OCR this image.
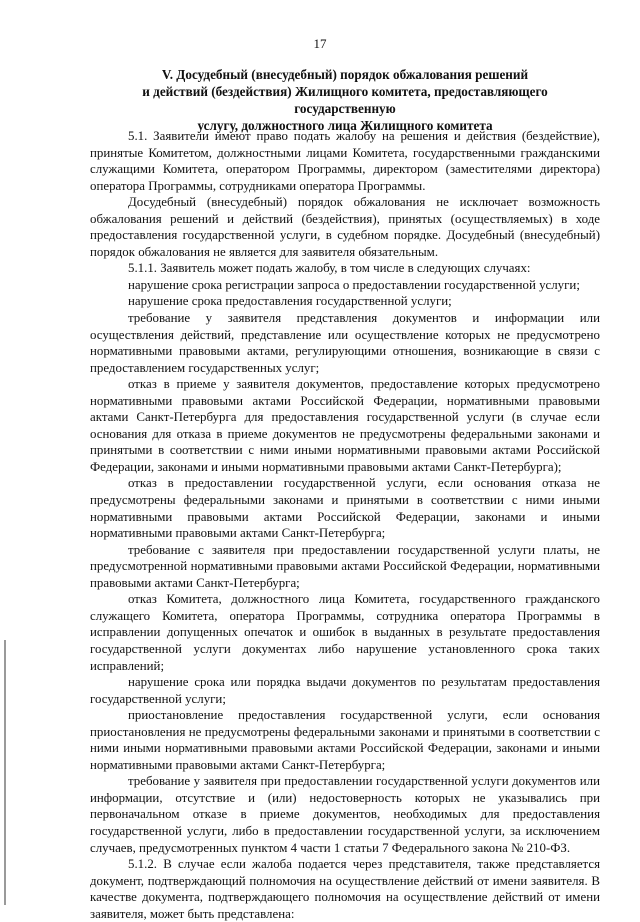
17
V. Досудебный (внесудебный) порядок обжалования решений
и действий (бездействия) Жилищного комитета, предоставляющего государственную
услугу, должностного лица Жилищного комитета

5.1. Заявители имеют право подать жалобу на решения и действия (бездействие), принятые Комитетом, должностными лицами Комитета, государственными гражданскими служащими Комитета, оператором Программы, директором (заместителями директора) оператора Программы, сотрудниками оператора Программы.

Досудебный (внесудебный) порядок обжалования не исключает возможность обжалования решений и действий (бездействия), принятых (осуществляемых) в ходе предоставления государственной услуги, в судебном порядке. Досудебный (внесудебный) порядок обжалования не является для заявителя обязательным.

5.1.1. Заявитель может подать жалобу, в том числе в следующих случаях:

нарушение срока регистрации запроса о предоставлении государственной услуги;

нарушение срока предоставления государственной услуги;

требование у заявителя представления документов и информации или осуществления действий, представление или осуществление которых не предусмотрено нормативными правовыми актами, регулирующими отношения, возникающие в связи с предоставлением государственных услуг;

отказ в приеме у заявителя документов, предоставление которых предусмотрено нормативными правовыми актами Российской Федерации, нормативными правовыми актами Санкт-Петербурга для предоставления государственной услуги (в случае если основания для отказа в приеме документов не предусмотрены федеральными законами и принятыми в соответствии с ними иными нормативными правовыми актами Российской Федерации, законами и иными нормативными правовыми актами Санкт-Петербурга);

отказ в предоставлении государственной услуги, если основания отказа не предусмотрены федеральными законами и принятыми в соответствии с ними иными нормативными правовыми актами Российской Федерации, законами и иными нормативными правовыми актами Санкт-Петербурга;

требование с заявителя при предоставлении государственной услуги платы, не предусмотренной нормативными правовыми актами Российской Федерации, нормативными правовыми актами Санкт-Петербурга;

отказ Комитета, должностного лица Комитета, государственного гражданского служащего Комитета, оператора Программы, сотрудника оператора Программы в исправлении допущенных опечаток и ошибок в выданных в результате предоставления государственной услуги документах либо нарушение установленного срока таких исправлений;

нарушение срока или порядка выдачи документов по результатам предоставления государственной услуги;

приостановление предоставления государственной услуги, если основания приостановления не предусмотрены федеральными законами и принятыми в соответствии с ними иными нормативными правовыми актами Российской Федерации, законами и иными нормативными правовыми актами Санкт-Петербурга;

требование у заявителя при предоставлении государственной услуги документов или информации, отсутствие и (или) недостоверность которых не указывались при первоначальном отказе в приеме документов, необходимых для предоставления государственной услуги, либо в предоставлении государственной услуги, за исключением случаев, предусмотренных пунктом 4 части 1 статьи 7 Федерального закона № 210-ФЗ.

5.1.2. В случае если жалоба подается через представителя, также представляется документ, подтверждающий полномочия на осуществление действий от имени заявителя. В качестве документа, подтверждающего полномочия на осуществление действий от имени заявителя, может быть представлена:
